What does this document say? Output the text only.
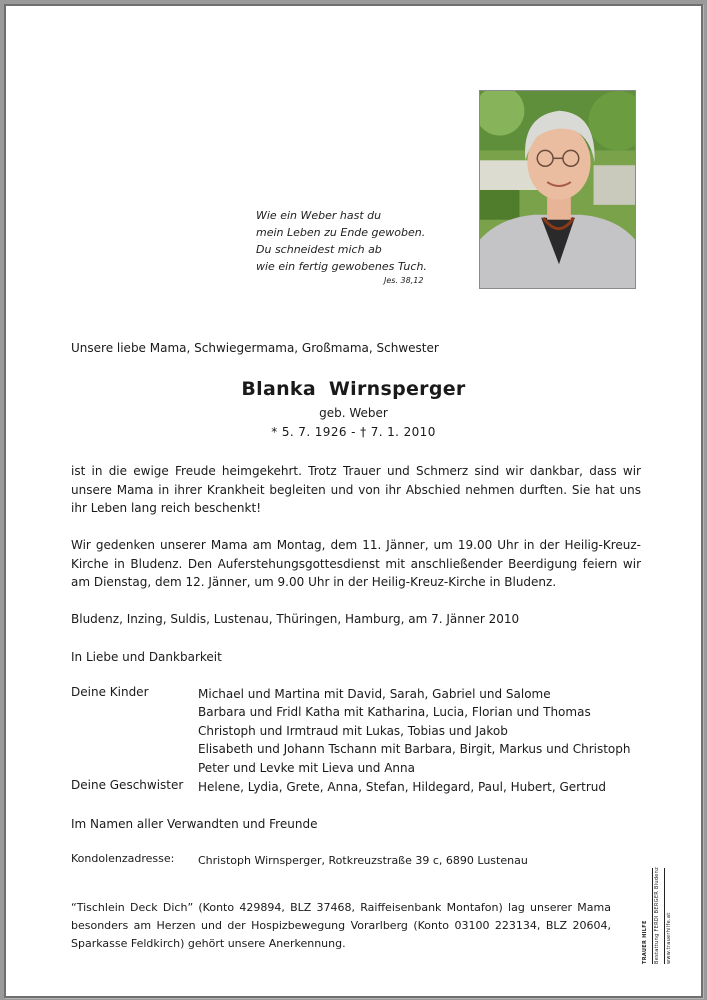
Wie ein Weber hast du
mein Leben zu Ende gewoben.
Du schneidest mich ab
wie ein fertig gewobenes Tuch.
Jes. 38,12
Unsere liebe Mama, Schwiegermama, Großmama, Schwester
Blanka Wirnsperger
geb. Weber
* 5. 7. 1926 - † 7. 1. 2010
ist in die ewige Freude heimgekehrt. Trotz Trauer und Schmerz sind wir dankbar, dass wir
unsere Mama in ihrer Krankheit begleiten und von ihr Abschied nehmen durften. Sie hat uns
ihr Leben lang reich beschenkt!
Wir gedenken unserer Mama am Montag, dem 11. Jänner, um 19.00 Uhr in der Heilig-Kreuz-
Kirche in Bludenz. Den Auferstehungsgottesdienst mit anschließender Beerdigung feiern wir
am Dienstag, dem 12. Jänner, um 9.00 Uhr in der Heilig-Kreuz-Kirche in Bludenz.
Bludenz, Inzing, Suldis, Lustenau, Thüringen, Hamburg, am 7. Jänner 2010
In Liebe und Dankbarkeit
Deine Kinder	Michael und Martina mit David, Sarah, Gabriel und Salome
Barbara und Fridl Katha mit Katharina, Lucia, Florian und Thomas
Christoph und Irmtraud mit Lukas, Tobias und Jakob
Elisabeth und Johann Tschann mit Barbara, Birgit, Markus und Christoph
Peter und Levke mit Lieva und Anna
Deine Geschwister Helene, Lydia, Grete, Anna, Stefan, Hildegard, Paul, Hubert, Gertrud
Im Namen aller Verwandten und Freunde
Kondolenzadresse: Christoph Wirnsperger, Rotkreuzstraße 39 c, 6890 Lustenau
“Tischlein Deck Dich” (Konto 429894, BLZ 37468, Raiffeisenbank Montafon) lag unserer Mama
besonders am Herzen und der Hospizbewegung Vorarlberg (Konto 03100 223134, BLZ 20604,
Sparkasse Feldkirch) gehört unsere Anerkennung.	TRAUER HILFE	Bestattung FERDI BERGER Bludenz	www.trauerhilfe.at
